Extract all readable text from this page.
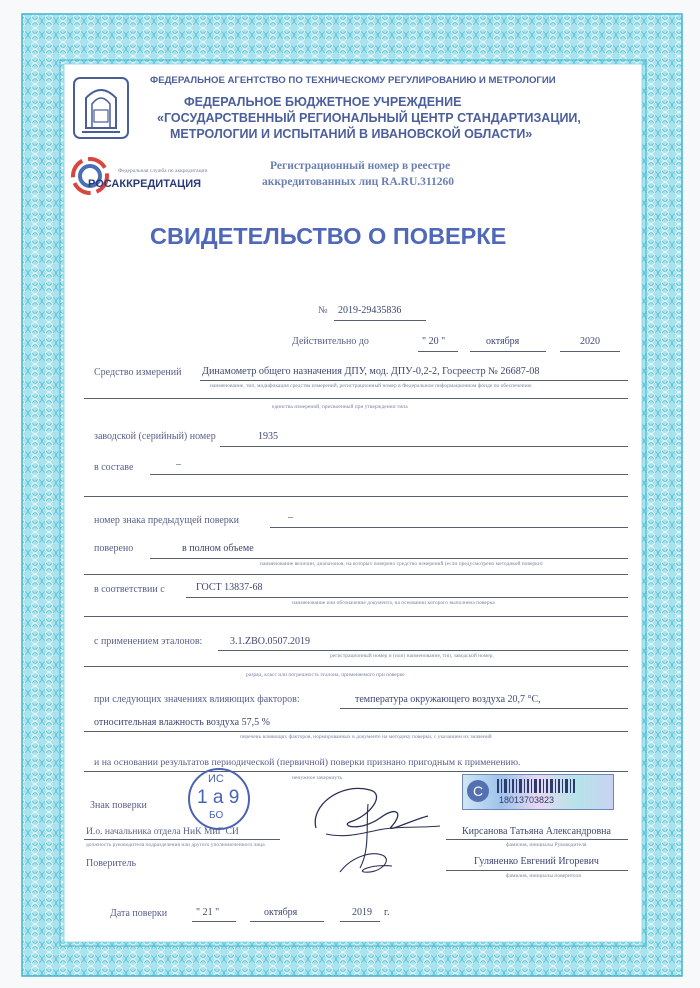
РОСАККРЕДИТАЦИЯ
Федеральная служба по аккредитации
ФЕДЕРАЛЬНОЕ АГЕНТСТВО ПО ТЕХНИЧЕСКОМУ РЕГУЛИРОВАНИЮ И МЕТРОЛОГИИ
ФЕДЕРАЛЬНОЕ БЮДЖЕТНОЕ УЧРЕЖДЕНИЕ
«ГОСУДАРСТВЕННЫЙ РЕГИОНАЛЬНЫЙ ЦЕНТР СТАНДАРТИЗАЦИИ,
МЕТРОЛОГИИ И ИСПЫТАНИЙ В ИВАНОВСКОЙ ОБЛАСТИ»
Регистрационный номер в реестре
аккредитованных лиц RA.RU.311260
СВИДЕТЕЛЬСТВО О ПОВЕРКЕ
№ 2019-29435836
Действительно до	" 20 "	октября	2020
Средство измерений Динамометр общего назначения ДПУ, мод. ДПУ-0,2-2, Госреестр № 26687-08
наименование, тип, модификация средства измерений, регистрационный номер в Федеральном информационном фонде по обеспечению
единства измерений, присвоенный при утверждении типа
заводской (серийный) номер	1935
в составе	–
номер знака предыдущей поверки	–
поверено	в полном объеме
наименование величин, диапазонов, на которых поверено средство измерений (если предусмотрено методикой поверки)
в соответствии с	ГОСТ 13837-68
наименование или обозначение документа, на основании которого выполнена поверка
с применением эталонов:	3.1.ZBO.0507.2019
регистрационный номер и (или) наименование, тип, заводской номер,
разряд, класс или погрешность эталона, применяемого при поверке
при следующих значениях влияющих факторов:	температура окружающего воздуха 20,7 °С,
относительная влажность воздуха 57,5 %
перечень влияющих факторов, нормированных в документе на методику поверки, с указанием их значений
и на основании результатов периодической (первичной) поверки признано пригодным к применению.
ненужное зачеркнуть
Знак поверки
ИС
1 а 9
БО
С
18013703823
И.о. начальника отдела НиК МиГ СИ
должность руководителя подразделения или другого уполномоченного лица
Кирсанова Татьяна Александровна
фамилия, инициалы Руководителя
Поверитель	Гуляненко Евгений Игоревич
фамилия, инициалы поверителя
Дата поверки	" 21 "	октября	2019 г.
